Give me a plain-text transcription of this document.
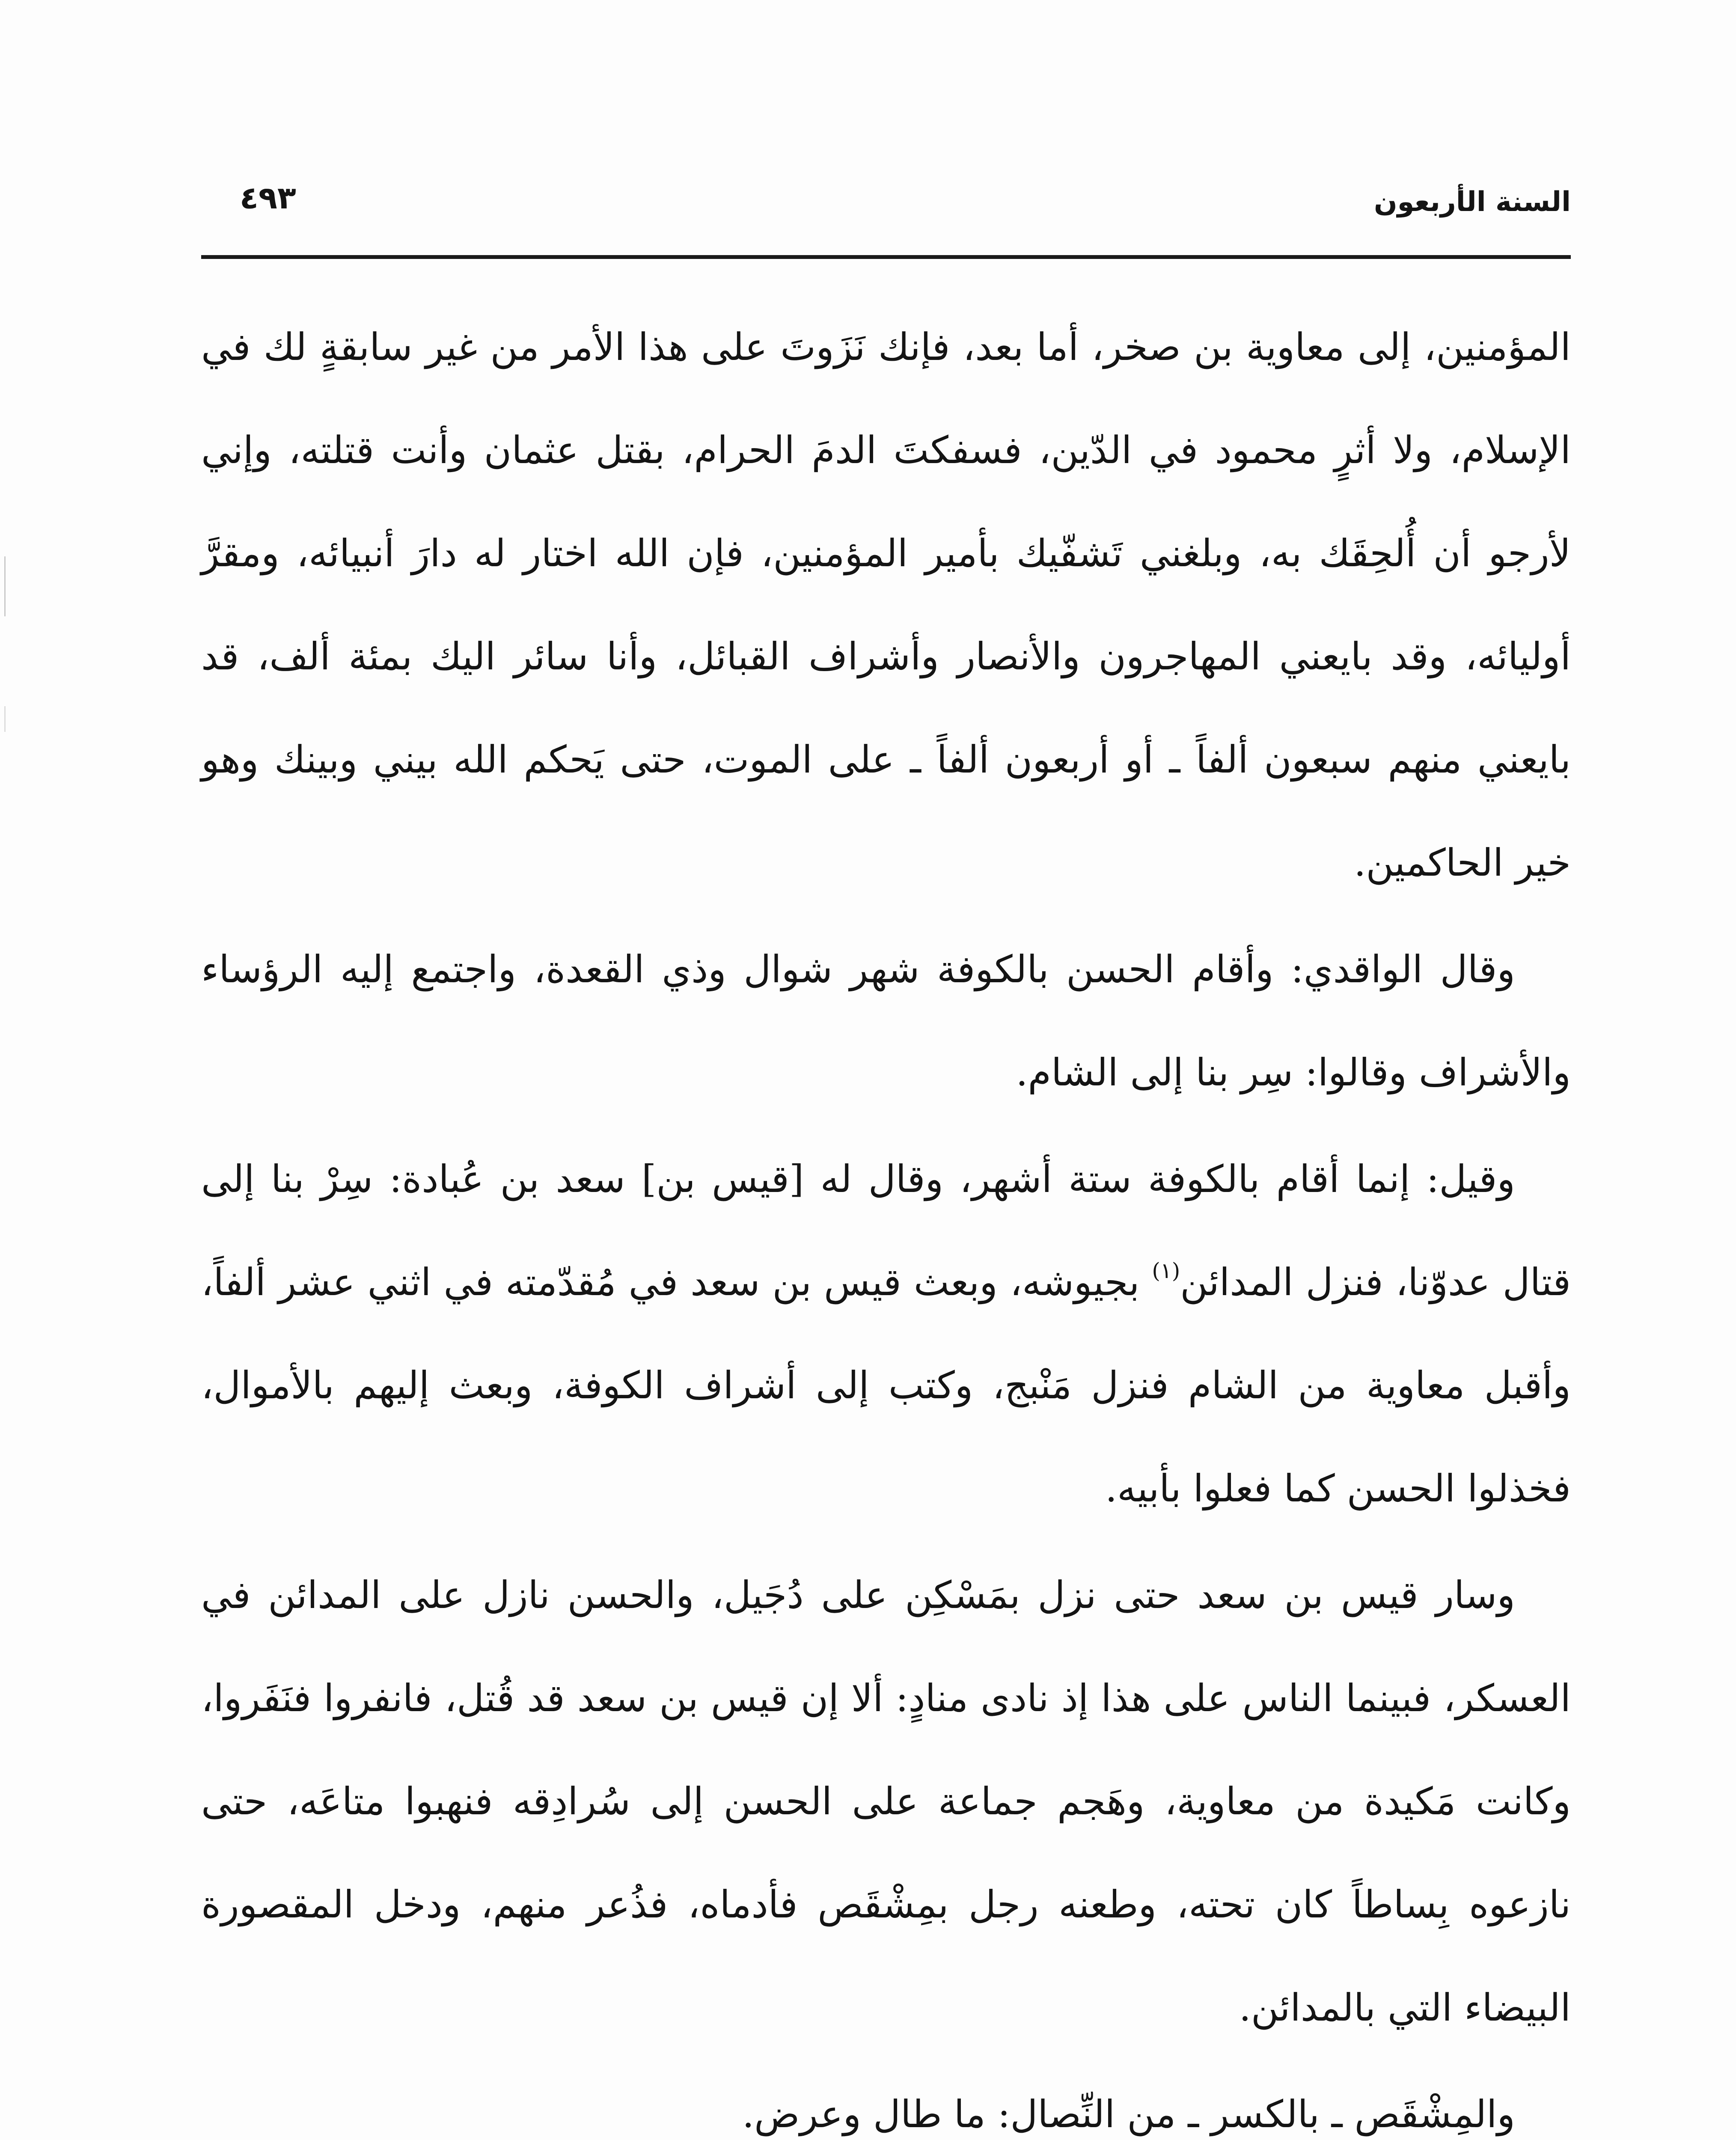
السنة الأربعون
٤٩٣

المؤمنين، إلى معاوية بن صخر، أما بعد، فإنك نَزَوتَ على هذا الأمر من غير سابقةٍ لك في الإسلام، ولا أثرٍ محمود في الدّين، فسفكتَ الدمَ الحرام، بقتل عثمان وأنت قتلته، وإني لأرجو أن أُلحِقَك به، وبلغني تَشفّيك بأمير المؤمنين، فإن الله اختار له دارَ أنبيائه، ومقرَّ أوليائه، وقد بايعني المهاجرون والأنصار وأشراف القبائل، وأنا سائر اليك بمئة ألف، قد بايعني منهم سبعون ألفاً ـ أو أربعون ألفاً ـ على الموت، حتى يَحكم الله بيني وبينك وهو خير الحاكمين.

وقال الواقدي: وأقام الحسن بالكوفة شهر شوال وذي القعدة، واجتمع إليه الرؤساء والأشراف وقالوا: سِر بنا إلى الشام.

وقيل: إنما أقام بالكوفة ستة أشهر، وقال له [قيس بن] سعد بن عُبادة: سِرْ بنا إلى قتال عدوّنا، فنزل المدائن$^{(١)}$ بجيوشه، وبعث قيس بن سعد في مُقدّمته في اثني عشر ألفاً، وأقبل معاوية من الشام فنزل مَنْبج، وكتب إلى أشراف الكوفة، وبعث إليهم بالأموال، فخذلوا الحسن كما فعلوا بأبيه.

وسار قيس بن سعد حتى نزل بمَسْكِن على دُجَيل، والحسن نازل على المدائن في العسكر، فبينما الناس على هذا إذ نادى منادٍ: ألا إن قيس بن سعد قد قُتل، فانفروا فنَفَروا، وكانت مَكيدة من معاوية، وهَجم جماعة على الحسن إلى سُرادِقه فنهبوا متاعَه، حتى نازعوه بِساطاً كان تحته، وطعنه رجل بمِشْقَص فأدماه، فذُعر منهم، ودخل المقصورة البيضاء التي بالمدائن.

والمِشْقَص ـ بالكسر ـ من النِّصال: ما طال وعرض.
